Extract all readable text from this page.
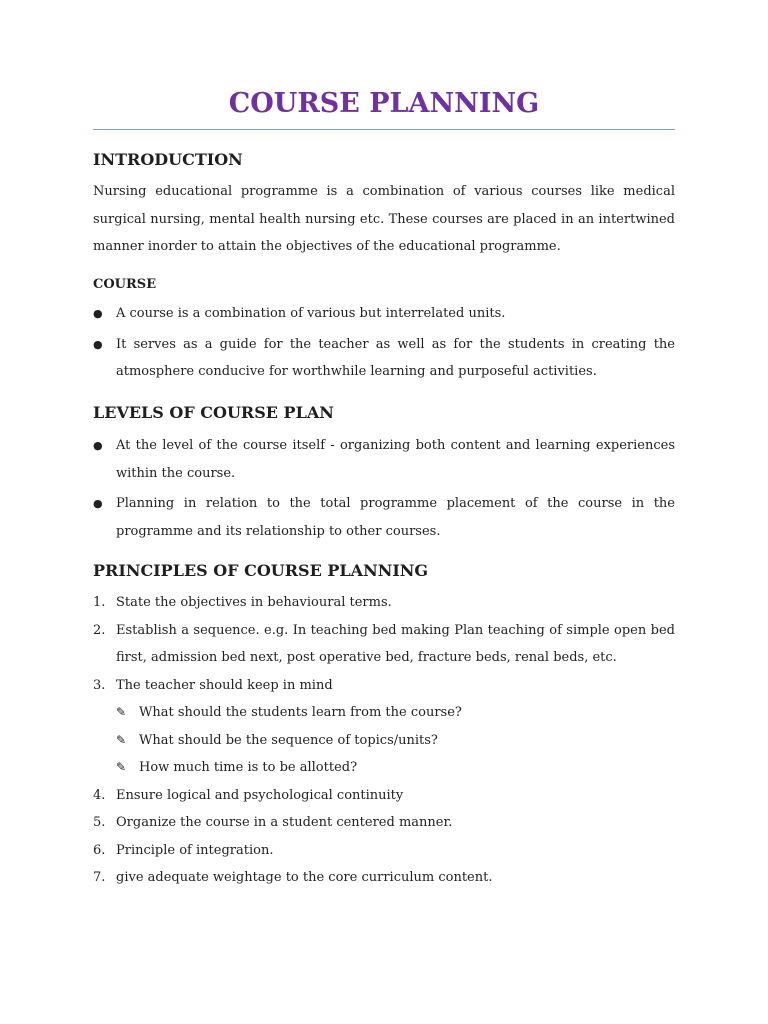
COURSE PLANNING
INTRODUCTION

Nursing educational programme is a combination of various courses like medical surgical nursing, mental health nursing etc. These courses are placed in an intertwined manner inorder to attain the objectives of the educational programme.

COURSE
●	A course is a combination of various but interrelated units.
●	It serves as a guide for the teacher as well as for the students in creating the atmosphere conducive for worthwhile learning and purposeful activities.
LEVELS OF COURSE PLAN
●	At the level of the course itself - organizing both content and learning experiences within the course.
●	Planning in relation to the total programme placement of the course in the programme and its relationship to other courses.
PRINCIPLES OF COURSE PLANNING
1. State the objectives in behavioural terms.
2. Establish a sequence. e.g. In teaching bed making Plan teaching of simple open bed first, admission bed next, post operative bed, fracture beds, renal beds, etc.
3. The teacher should keep in mind
✎ What should the students learn from the course?
✎ What should be the sequence of topics/units?
✎ How much time is to be allotted?
4. Ensure logical and psychological continuity
5. Organize the course in a student centered manner.
6. Principle of integration.
7. give adequate weightage to the core curriculum content.
